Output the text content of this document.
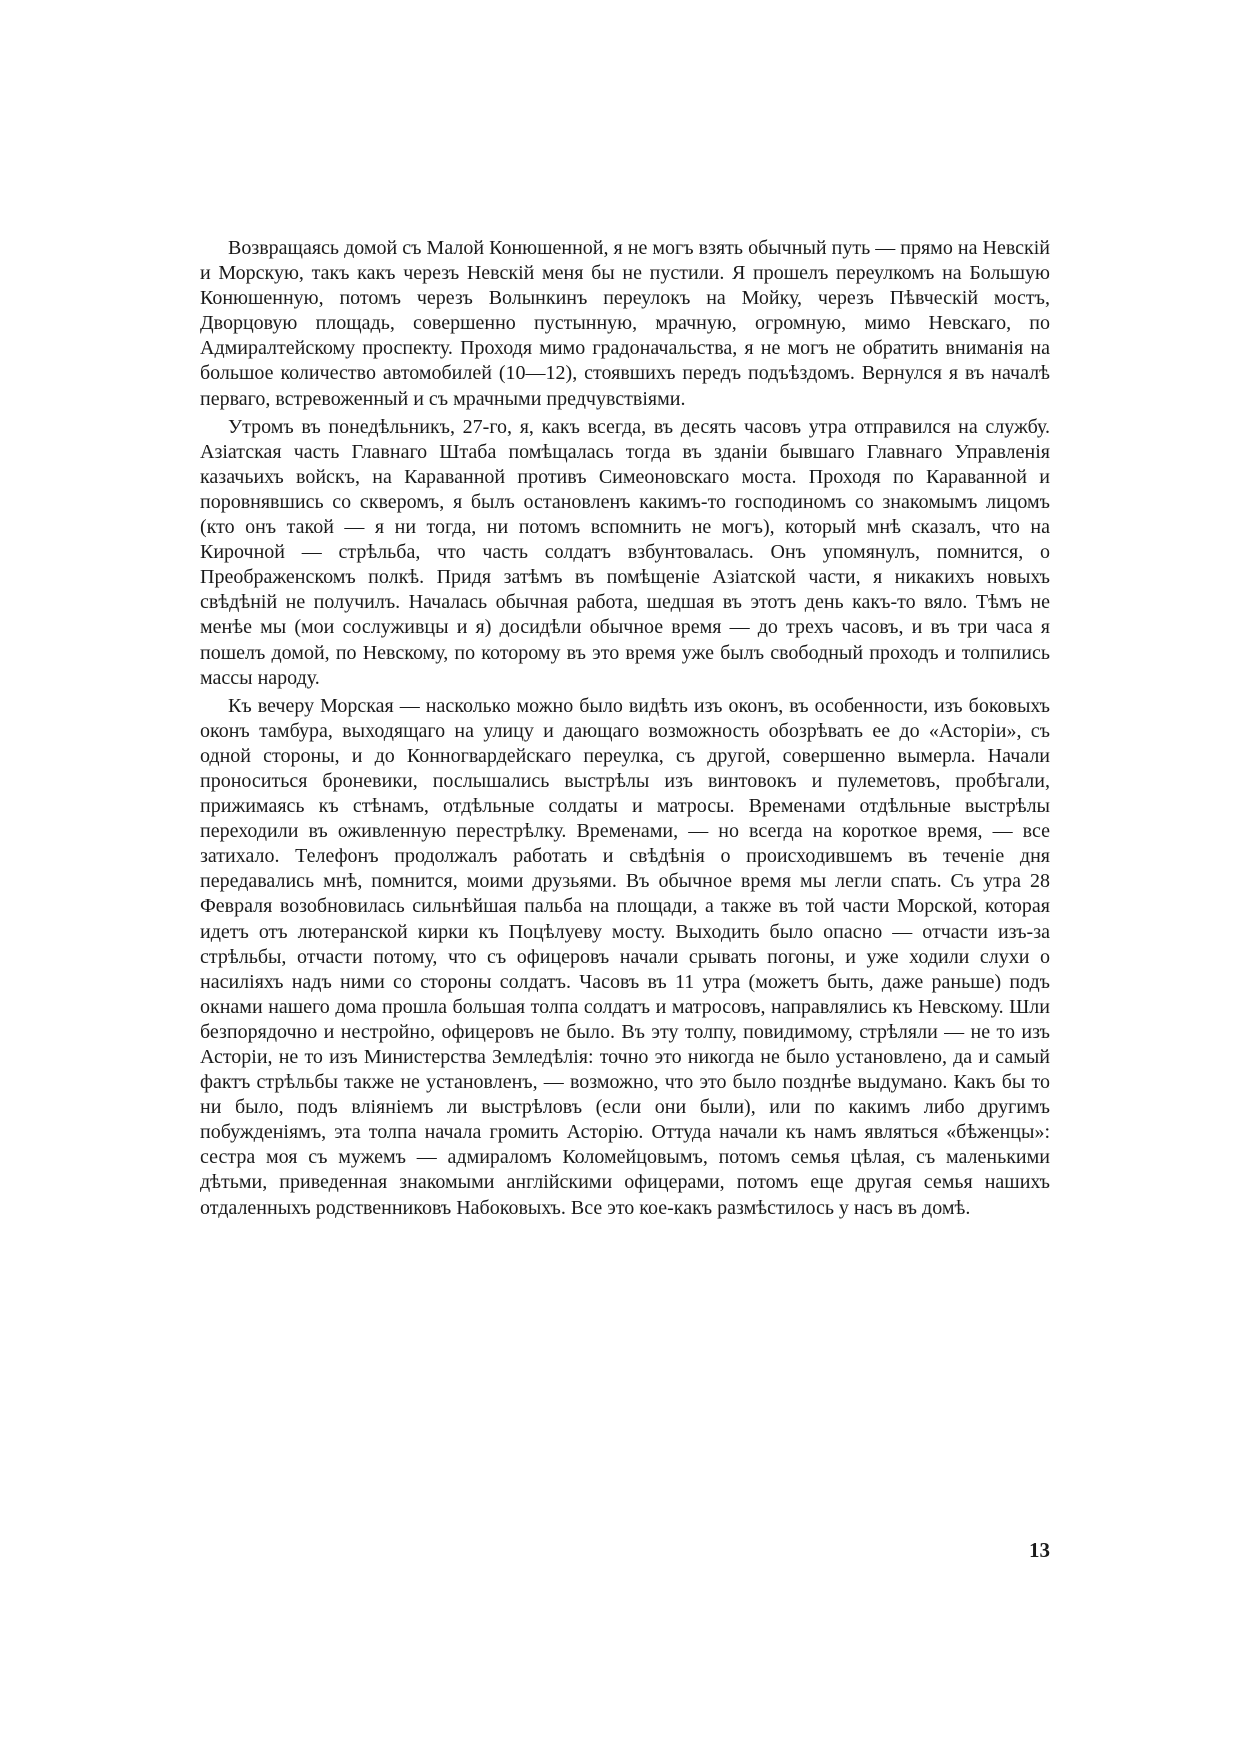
Возвращаясь домой съ Малой Конюшенной, я не могъ взять обычный путь — прямо на Невскій и Морскую, такъ какъ черезъ Невскій меня бы не пустили. Я прошелъ переулкомъ на Большую Конюшенную, потомъ черезъ Волынкинъ переулокъ на Мойку, черезъ Пѣвческій мостъ, Дворцовую площадь, совершенно пустынную, мрачную, огромную, мимо Невскаго, по Адмиралтейскому проспекту. Проходя мимо градоначальства, я не могъ не обратить вниманія на большое количество автомобилей (10—12), стоявшихъ передъ подъѣздомъ. Вернулся я въ началѣ перваго, встревоженный и съ мрачными предчувствіями.

Утромъ въ понедѣльникъ, 27-го, я, какъ всегда, въ десять часовъ утра отправился на службу. Азіатская часть Главнаго Штаба помѣщалась тогда въ зданіи бывшаго Главнаго Управленія казачьихъ войскъ, на Караванной противъ Симеоновскаго моста. Проходя по Караванной и поровнявшись со скверомъ, я былъ остановленъ какимъ-то господиномъ со знакомымъ лицомъ (кто онъ такой — я ни тогда, ни потомъ вспомнить не могъ), который мнѣ сказалъ, что на Кирочной — стрѣльба, что часть солдатъ взбунтовалась. Онъ упомянулъ, помнится, о Преображенскомъ полкѣ. Придя затѣмъ въ помѣщеніе Азіатской части, я никакихъ новыхъ свѣдѣній не получилъ. Началась обычная работа, шедшая въ этотъ день какъ-то вяло. Тѣмъ не менѣе мы (мои сослуживцы и я) досидѣли обычное время — до трехъ часовъ, и въ три часа я пошелъ домой, по Невскому, по которому въ это время уже былъ свободный проходъ и толпились массы народу.

Къ вечеру Морская — насколько можно было видѣть изъ оконъ, въ особенности, изъ боковыхъ оконъ тамбура, выходящаго на улицу и дающаго возможность обозрѣвать ее до «Асторіи», съ одной стороны, и до Конногвардейскаго переулка, съ другой, совершенно вымерла. Начали проноситься броневики, послышались выстрѣлы изъ винтовокъ и пулеметовъ, пробѣгали, прижимаясь къ стѣнамъ, отдѣльные солдаты и матросы. Временами отдѣльные выстрѣлы переходили въ оживленную перестрѣлку. Временами, — но всегда на короткое время, — все затихало. Телефонъ продолжалъ работать и свѣдѣнія о происходившемъ въ теченіе дня передавались мнѣ, помнится, моими друзьями. Въ обычное время мы легли спать. Съ утра 28 Февраля возобновилась сильнѣйшая пальба на площади, а также въ той части Морской, которая идетъ отъ лютеранской кирки къ Поцѣлуеву мосту. Выходить было опасно — отчасти изъ-за стрѣльбы, отчасти потому, что съ офицеровъ начали срывать погоны, и уже ходили слухи о насиліяхъ надъ ними со стороны солдатъ. Часовъ въ 11 утра (можетъ быть, даже раньше) подъ окнами нашего дома прошла большая толпа солдатъ и матросовъ, направлялись къ Невскому. Шли безпорядочно и нестройно, офицеровъ не было. Въ эту толпу, повидимому, стрѣляли — не то изъ Асторіи, не то изъ Министерства Земледѣлія: точно это никогда не было установлено, да и самый фактъ стрѣльбы также не установленъ, — возможно, что это было позднѣе выдумано. Какъ бы то ни было, подъ вліяніемъ ли выстрѣловъ (если они были), или по какимъ либо другимъ побужденіямъ, эта толпа начала громить Асторію. Оттуда начали къ намъ являться «бѣженцы»: сестра моя съ мужемъ — адмираломъ Коломейцовымъ, потомъ семья цѣлая, съ маленькими дѣтьми, приведенная знакомыми англійскими офицерами, потомъ еще другая семья нашихъ отдаленныхъ родственниковъ Набоковыхъ. Все это кое-какъ размѣстилось у насъ въ домѣ.

13
